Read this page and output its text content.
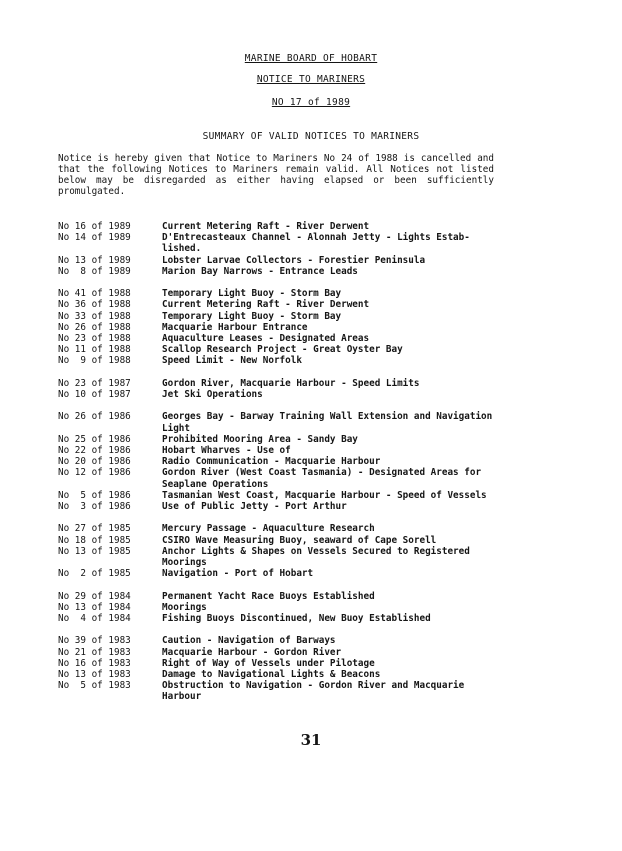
MARINE BOARD OF HOBART
NOTICE TO MARINERS
NO 17 of 1989
SUMMARY OF VALID NOTICES TO MARINERS
Notice is hereby given that Notice to Mariners No 24 of 1988 is cancelled and that the following Notices to Mariners remain valid. All Notices not listed below may be disregarded as either having elapsed or been sufficiently promulgated.
No 16 of 1989	Current Metering Raft - River Derwent
No 14 of 1989	D'Entrecasteaux Channel - Alonnah Jetty - Lights Estab-
lished.
No 13 of 1989	Lobster Larvae Collectors - Forestier Peninsula
No  8 of 1989	Marion Bay Narrows - Entrance Leads
No 41 of 1988	Temporary Light Buoy - Storm Bay
No 36 of 1988	Current Metering Raft - River Derwent
No 33 of 1988	Temporary Light Buoy - Storm Bay
No 26 of 1988	Macquarie Harbour Entrance
No 23 of 1988	Aquaculture Leases - Designated Areas
No 11 of 1988	Scallop Research Project - Great Oyster Bay
No  9 of 1988	Speed Limit - New Norfolk
No 23 of 1987	Gordon River, Macquarie Harbour - Speed Limits
No 10 of 1987	Jet Ski Operations
No 26 of 1986	Georges Bay - Barway Training Wall Extension and Navigation
Light
No 25 of 1986	Prohibited Mooring Area - Sandy Bay
No 22 of 1986	Hobart Wharves - Use of
No 20 of 1986	Radio Communication - Macquarie Harbour
No 12 of 1986	Gordon River (West Coast Tasmania) - Designated Areas for
Seaplane Operations
No  5 of 1986	Tasmanian West Coast, Macquarie Harbour - Speed of Vessels
No  3 of 1986	Use of Public Jetty - Port Arthur
No 27 of 1985	Mercury Passage - Aquaculture Research
No 18 of 1985	CSIRO Wave Measuring Buoy, seaward of Cape Sorell
No 13 of 1985	Anchor Lights & Shapes on Vessels Secured to Registered
Moorings
No  2 of 1985	Navigation - Port of Hobart
No 29 of 1984	Permanent Yacht Race Buoys Established
No 13 of 1984	Moorings
No  4 of 1984	Fishing Buoys Discontinued, New Buoy Established
No 39 of 1983	Caution - Navigation of Barways
No 21 of 1983	Macquarie Harbour - Gordon River
No 16 of 1983	Right of Way of Vessels under Pilotage
No 13 of 1983	Damage to Navigational Lights & Beacons
No  5 of 1983	Obstruction to Navigation - Gordon River and Macquarie
Harbour
31
